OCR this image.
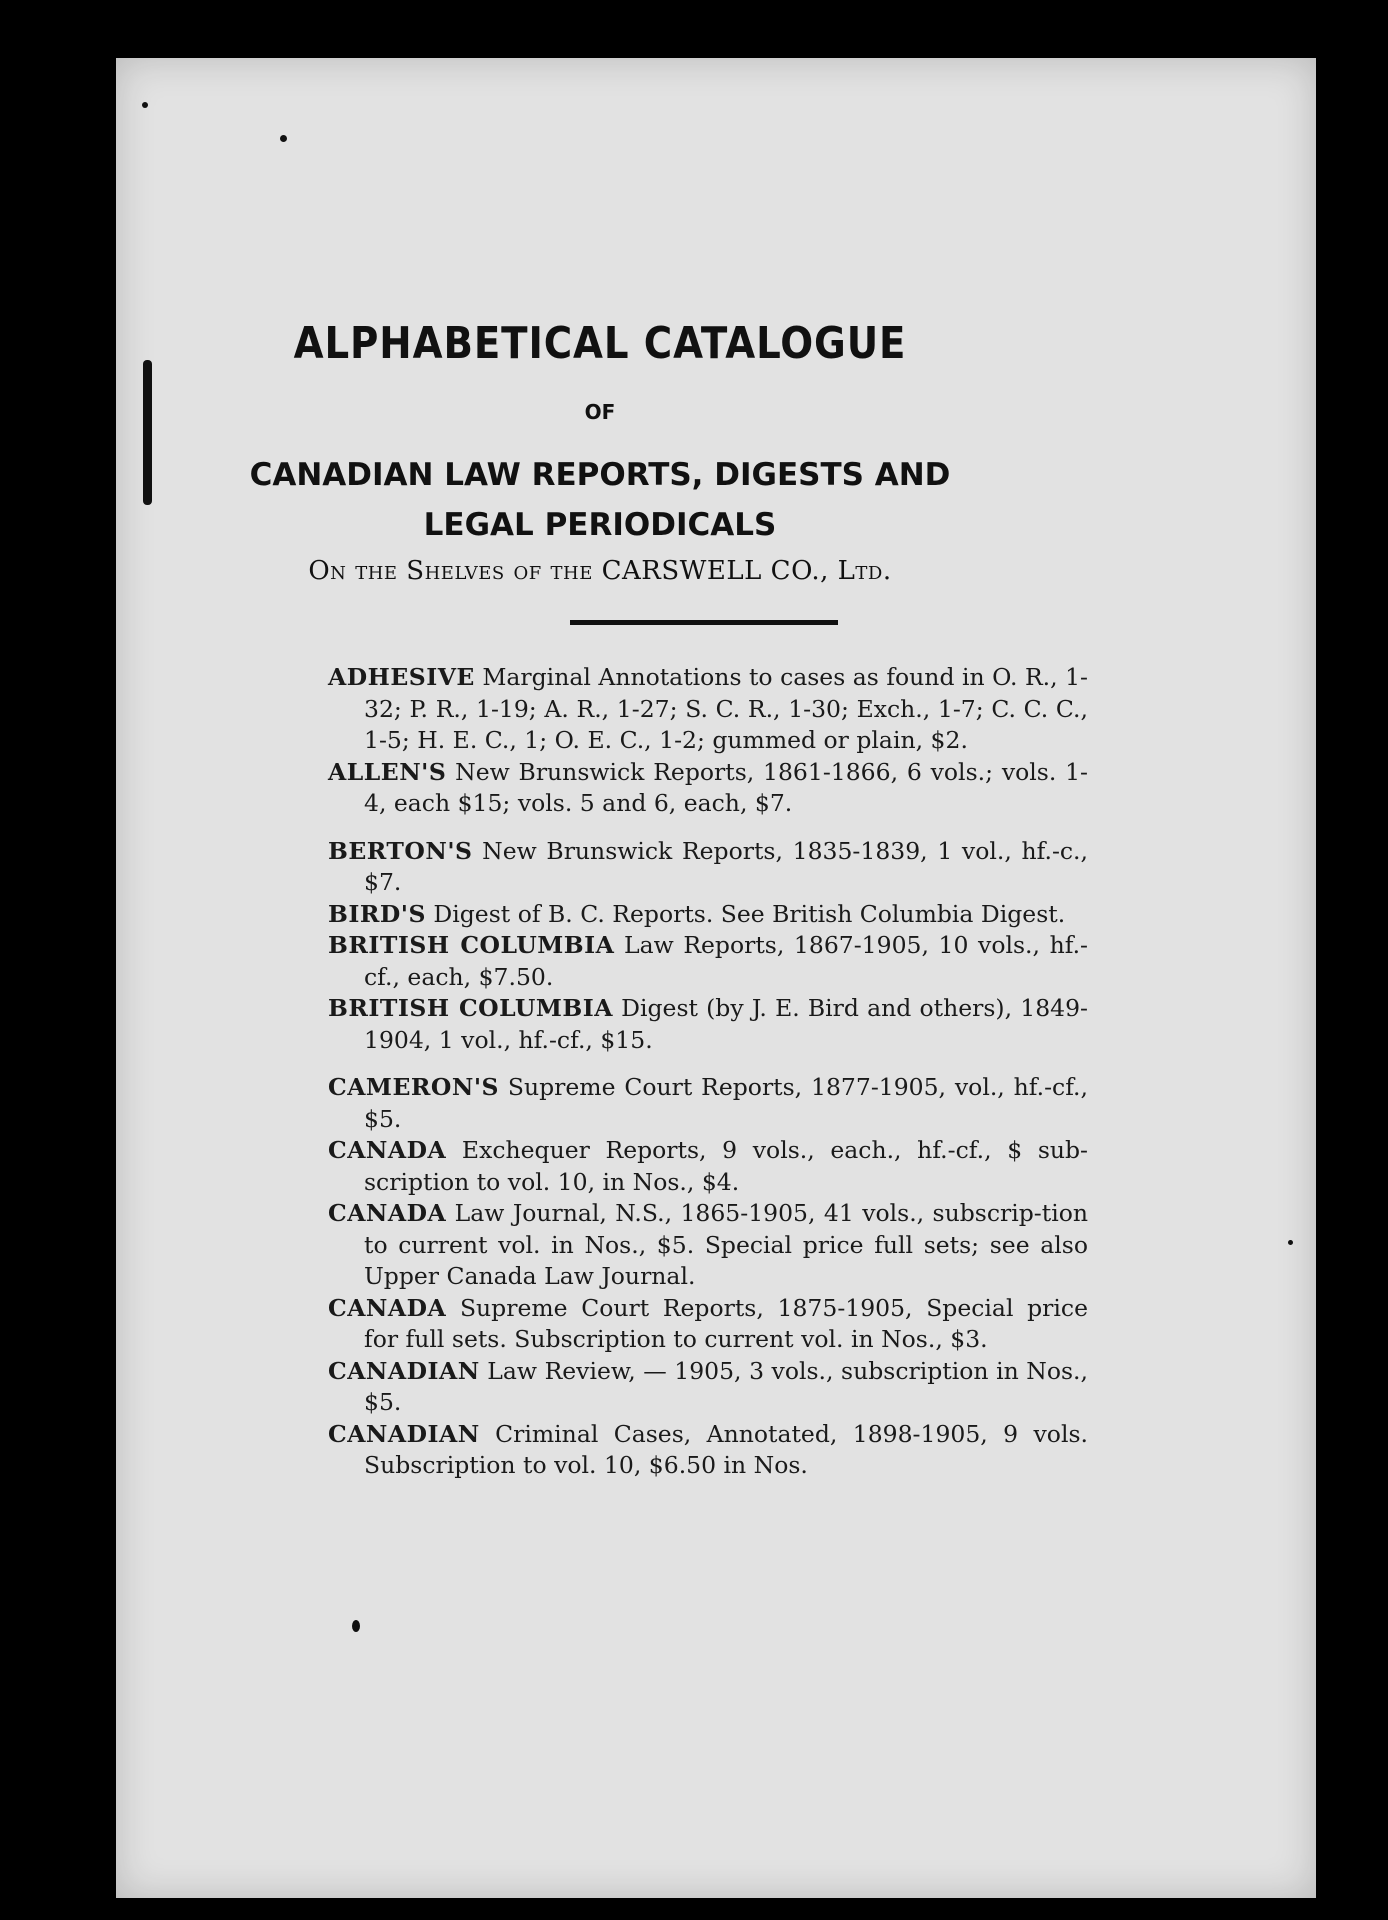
ALPHABETICAL CATALOGUE
OF
CANADIAN LAW REPORTS, DIGESTS AND LEGAL PERIODICALS
On the Shelves of the CARSWELL CO., Ltd.

ADHESIVE Marginal Annotations to cases as found in O. R., 1-32; P. R., 1-19; A. R., 1-27; S. C. R., 1-30; Exch., 1-7; C. C. C., 1-5; H. E. C., 1; O. E. C., 1-2; gummed or plain, $2.

ALLEN'S New Brunswick Reports, 1861-1866, 6 vols.; vols. 1-4, each $15; vols. 5 and 6, each, $7.

BERTON'S New Brunswick Reports, 1835-1839, 1 vol., hf.-c., $7.

BIRD'S Digest of B. C. Reports. See British Columbia Digest.

BRITISH COLUMBIA Law Reports, 1867-1905, 10 vols., hf.-cf., each, $7.50.

BRITISH COLUMBIA Digest (by J. E. Bird and others), 1849-1904, 1 vol., hf.-cf., $15.

CAMERON'S Supreme Court Reports, 1877-1905, vol., hf.-cf., $5.

CANADA Exchequer Reports, 9 vols., each., hf.-cf., $ sub-scription to vol. 10, in Nos., $4.

CANADA Law Journal, N.S., 1865-1905, 41 vols., subscrip-tion to current vol. in Nos., $5. Special price full sets; see also Upper Canada Law Journal.

CANADA Supreme Court Reports, 1875-1905, Special price for full sets. Subscription to current vol. in Nos., $3.

CANADIAN Law Review, — 1905, 3 vols., subscription in Nos., $5.

CANADIAN Criminal Cases, Annotated, 1898-1905, 9 vols. Subscription to vol. 10, $6.50 in Nos.
